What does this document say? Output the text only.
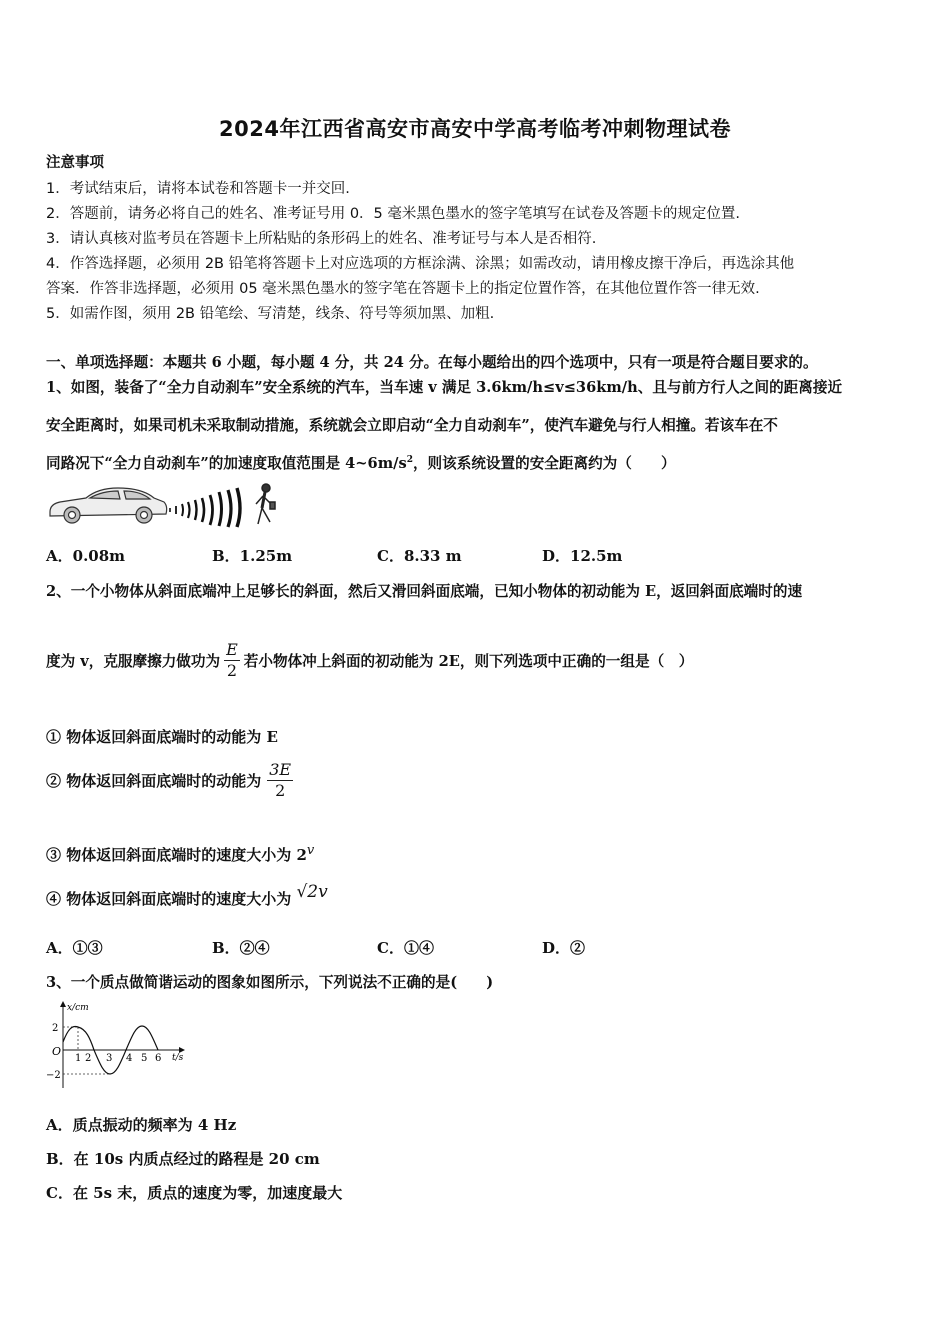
2024年江西省高安市高安中学高考临考冲刺物理试卷
注意事项
1．考试结束后，请将本试卷和答题卡一并交回.
2．答题前，请务必将自己的姓名、准考证号用 0．5 毫米黑色墨水的签字笔填写在试卷及答题卡的规定位置.
3．请认真核对监考员在答题卡上所粘贴的条形码上的姓名、准考证号与本人是否相符.
4．作答选择题，必须用 2B 铅笔将答题卡上对应选项的方框涂满、涂黑；如需改动，请用橡皮擦干净后，再选涂其他
答案．作答非选择题，必须用 05 毫米黑色墨水的签字笔在答题卡上的指定位置作答，在其他位置作答一律无效.
5．如需作图，须用 2B 铅笔绘、写清楚，线条、符号等须加黑、加粗.
一、单项选择题：本题共 6 小题，每小题 4 分，共 24 分。在每小题给出的四个选项中，只有一项是符合题目要求的。
1、如图，装备了“全力自动刹车”安全系统的汽车，当车速 v 满足 3.6km/h≤v≤36km/h、且与前方行人之间的距离接近
安全距离时，如果司机未采取制动措施，系统就会立即启动“全力自动刹车”，使汽车避免与行人相撞。若该车在不
同路况下“全力自动刹车”的加速度取值范围是 $4\sim 6m/s^2$，则该系统设置的安全距离约为（　　）
A．0.08m	B．1.25m	C．8.33 m	D．12.5m
2、一个小物体从斜面底端冲上足够长的斜面，然后又滑回斜面底端，已知小物体的初动能为 E，返回斜面底端时的速
度为 v，克服摩擦力做功为 $\frac{E}{2}$ 若小物体冲上斜面的初动能为 2E，则下列选项中正确的一组是（　）
① 物体返回斜面底端时的动能为 E
② 物体返回斜面底端时的动能为 $\frac{3E}{2}$
③ 物体返回斜面底端时的速度大小为 2$^v$
④ 物体返回斜面底端时的速度大小为 √2v
A．①③	B．②④	C．①④	D．②
3、一个质点做简谐运动的图象如图所示，下列说法不正确的是(　　)
x/cm
t/s
O
2
−2
1 2 3 4 5 6
A．质点振动的频率为 4 Hz
B．在 10s 内质点经过的路程是 20 cm
C．在 5s 末，质点的速度为零，加速度最大
